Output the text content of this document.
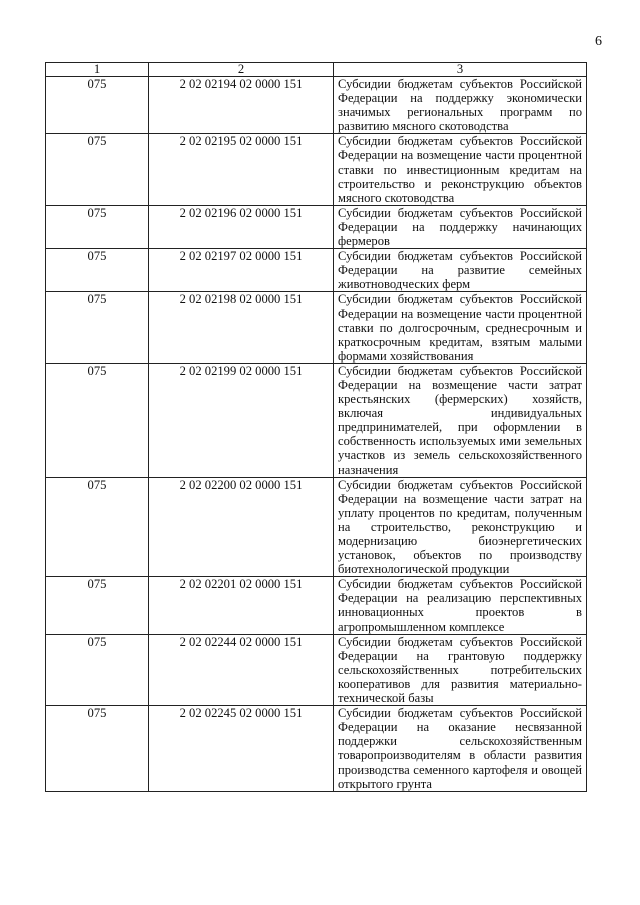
6
1	2	3
075	2 02 02194 02 0000 151	Субсидии бюджетам субъектов Российской Федерации на поддержку экономически значимых региональных программ по развитию мясного скотоводства
075	2 02 02195 02 0000 151	Субсидии бюджетам субъектов Российской Федерации на возмещение части процентной ставки по инвестиционным кредитам на строительство и реконструкцию объектов мясного скотоводства
075	2 02 02196 02 0000 151	Субсидии бюджетам субъектов Российской Федерации на поддержку начинающих фермеров
075	2 02 02197 02 0000 151	Субсидии бюджетам субъектов Российской Федерации на развитие семейных животноводческих ферм
075	2 02 02198 02 0000 151	Субсидии бюджетам субъектов Российской Федерации на возмещение части процентной ставки по долгосрочным, среднесрочным и краткосрочным кредитам, взятым малыми формами хозяйствования
075	2 02 02199 02 0000 151	Субсидии бюджетам субъектов Российской Федерации на возмещение части затрат крестьянских (фермерских) хозяйств, включая индивидуальных предпринимателей, при оформлении в собственность используемых ими земельных участков из земель сельскохозяйственного назначения
075	2 02 02200 02 0000 151	Субсидии бюджетам субъектов Российской Федерации на возмещение части затрат на уплату процентов по кредитам, полученным на строительство, реконструкцию и модернизацию биоэнергетических установок, объектов по производству биотехнологической продукции
075	2 02 02201 02 0000 151	Субсидии бюджетам субъектов Российской Федерации на реализацию перспективных инновационных проектов в агропромышленном комплексе
075	2 02 02244 02 0000 151	Субсидии бюджетам субъектов Российской Федерации на грантовую поддержку сельскохозяйственных потребительских кооперативов для развития материально-технической базы
075	2 02 02245 02 0000 151	Субсидии бюджетам субъектов Российской Федерации на оказание несвязанной поддержки сельскохозяйственным товаропроизводителям в области развития производства семенного картофеля и овощей открытого грунта
